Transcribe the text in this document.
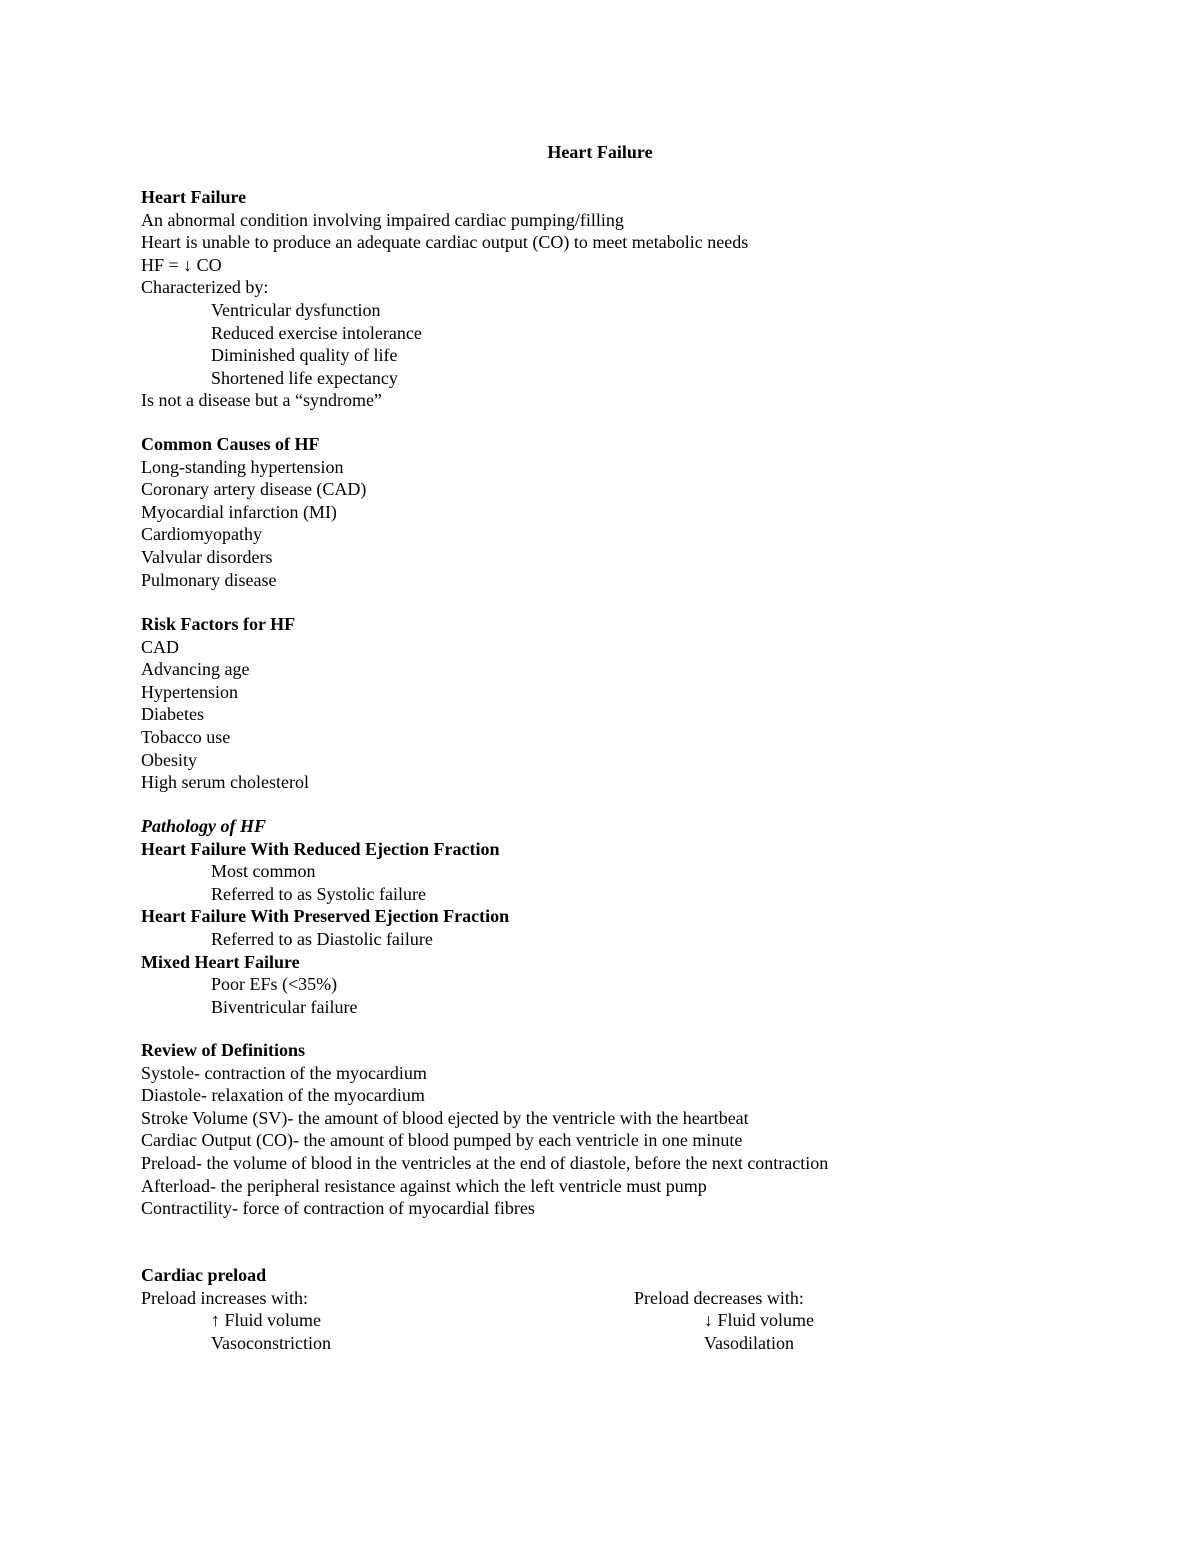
Heart Failure
Heart Failure
An abnormal condition involving impaired cardiac pumping/filling
Heart is unable to produce an adequate cardiac output (CO) to meet metabolic needs
HF = ↓ CO
Characterized by:
Ventricular dysfunction
Reduced exercise intolerance
Diminished quality of life
Shortened life expectancy
Is not a disease but a “syndrome”
Common Causes of HF
Long-standing hypertension
Coronary artery disease (CAD)
Myocardial infarction (MI)
Cardiomyopathy
Valvular disorders
Pulmonary disease
Risk Factors for HF
CAD
Advancing age
Hypertension
Diabetes
Tobacco use
Obesity
High serum cholesterol
Pathology of HF
Heart Failure With Reduced Ejection Fraction
Most common
Referred to as Systolic failure
Heart Failure With Preserved Ejection Fraction
Referred to as Diastolic failure
Mixed Heart Failure
Poor EFs (<35%)
Biventricular failure
Review of Definitions
Systole- contraction of the myocardium
Diastole- relaxation of the myocardium
Stroke Volume (SV)- the amount of blood ejected by the ventricle with the heartbeat
Cardiac Output (CO)- the amount of blood pumped by each ventricle in one minute
Preload- the volume of blood in the ventricles at the end of diastole, before the next contraction
Afterload- the peripheral resistance against which the left ventricle must pump
Contractility- force of contraction of myocardial fibres
Cardiac preload
Preload increases with:
↑ Fluid volume
Vasoconstriction
Preload decreases with:
↓ Fluid volume
Vasodilation
